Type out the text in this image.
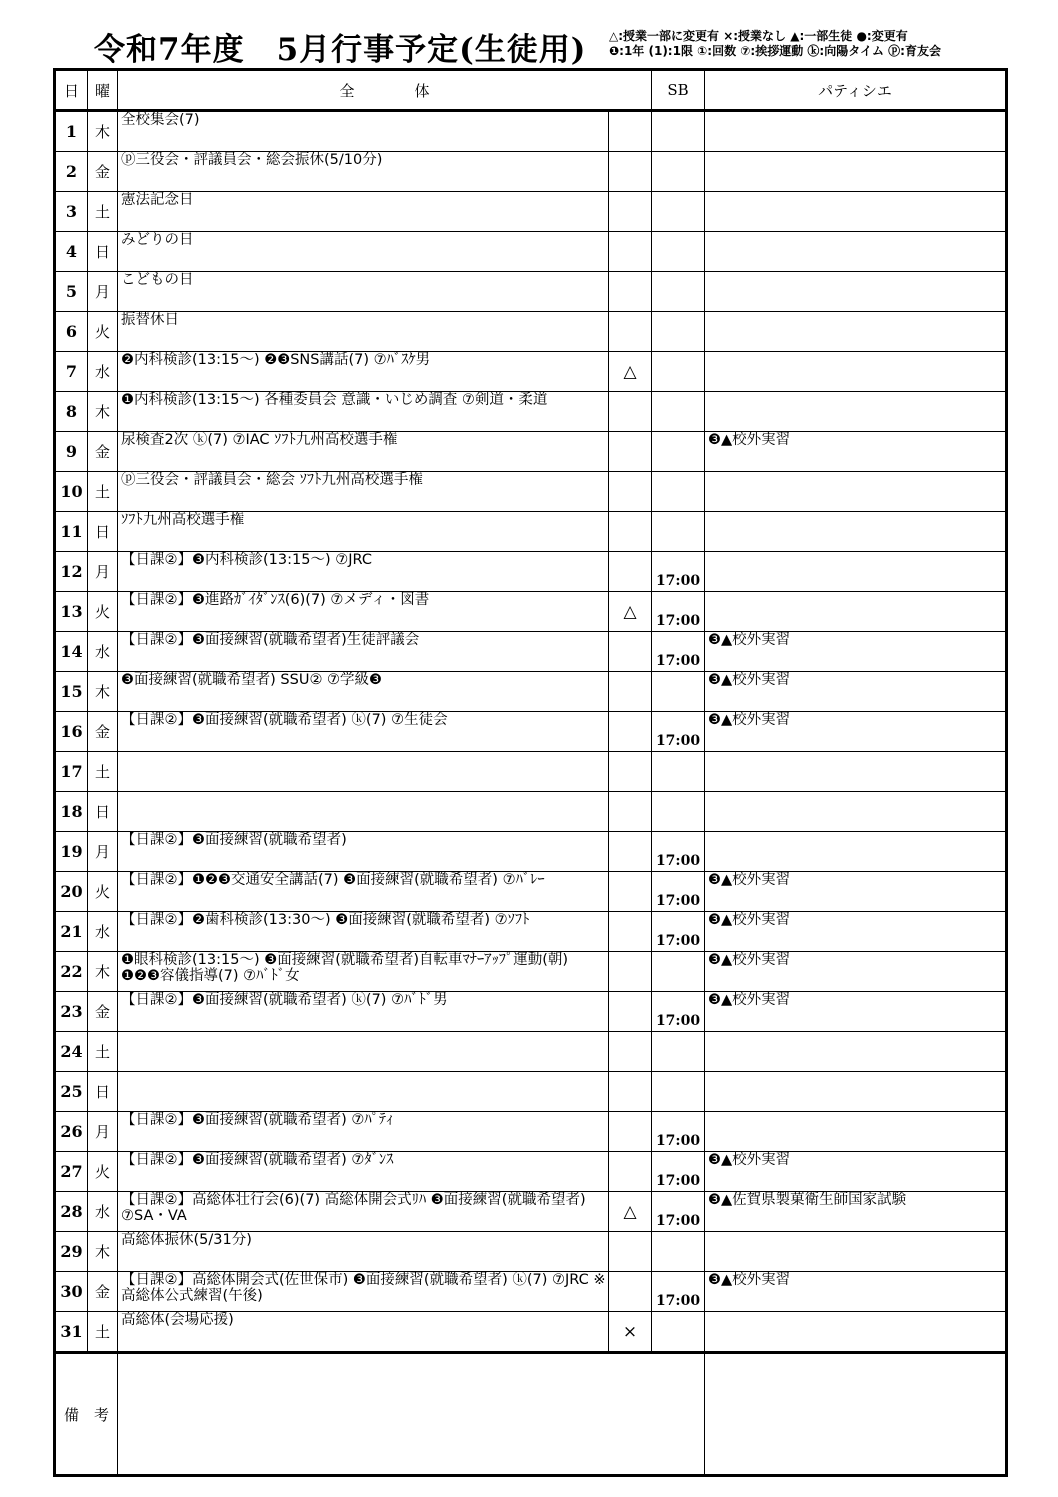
令和7年度　5月行事予定(生徒用) △:授業一部に変更有 ×:授業なし ▲:一部生徒 ●:変更有
❶:1年 (1):1限 ①:回数 ⑦:挨拶運動 ⓚ:向陽タイム ⓟ:育友会
日	曜	全　　　　体		SB	パティシエ
1	木	全校集会(7)			
2	金	ⓟ三役会・評議員会・総会振休(5/10分)			
3	土	憲法記念日			
4	日	みどりの日			
5	月	こどもの日			
6	火	振替休日			
7	水	❷内科検診(13:15～) ❷❸SNS講話(7) ⑦ﾊﾞｽｹ男	△		
8	木	❶内科検診(13:15～) 各種委員会 意識・いじめ調査 ⑦剣道・柔道			
9	金	尿検査2次 ⓚ(7) ⑦IAC ｿﾌﾄ九州高校選手権			❸▲校外実習
10	土	ⓟ三役会・評議員会・総会 ｿﾌﾄ九州高校選手権			
11	日	ｿﾌﾄ九州高校選手権			
12	月	【日課②】❸内科検診(13:15～) ⑦JRC		17:00	
13	火	【日課②】❸進路ｶﾞｲﾀﾞﾝｽ(6)(7) ⑦メディ・図書	△	17:00	
14	水	【日課②】❸面接練習(就職希望者)生徒評議会		17:00	❸▲校外実習
15	木	❸面接練習(就職希望者) SSU② ⑦学級❸			❸▲校外実習
16	金	【日課②】❸面接練習(就職希望者) ⓚ(7) ⑦生徒会		17:00	❸▲校外実習
17	土				
18	日				
19	月	【日課②】❸面接練習(就職希望者)		17:00	
20	火	【日課②】❶❷❸交通安全講話(7) ❸面接練習(就職希望者) ⑦ﾊﾞﾚｰ		17:00	❸▲校外実習
21	水	【日課②】❷歯科検診(13:30～) ❸面接練習(就職希望者) ⑦ｿﾌﾄ		17:00	❸▲校外実習
22	木	❶眼科検診(13:15～) ❸面接練習(就職希望者)自転車ﾏﾅｰｱｯﾌﾟ運動(朝) ❶❷❸容儀指導(7) ⑦ﾊﾞﾄﾞ女			❸▲校外実習
23	金	【日課②】❸面接練習(就職希望者) ⓚ(7) ⑦ﾊﾞﾄﾞ男		17:00	❸▲校外実習
24	土				
25	日				
26	月	【日課②】❸面接練習(就職希望者) ⑦ﾊﾟﾃｨ		17:00	
27	火	【日課②】❸面接練習(就職希望者) ⑦ﾀﾞﾝｽ		17:00	❸▲校外実習
28	水	【日課②】高総体壮行会(6)(7) 高総体開会式ﾘﾊ ❸面接練習(就職希望者) ⑦SA・VA	△	17:00	❸▲佐賀県製菓衛生師国家試験
29	木	高総体振休(5/31分)			
30	金	【日課②】高総体開会式(佐世保市) ❸面接練習(就職希望者) ⓚ(7) ⑦JRC ※高総体公式練習(午後)		17:00	❸▲校外実習
31	土	高総体(会場応援)	×		
備　 考					
